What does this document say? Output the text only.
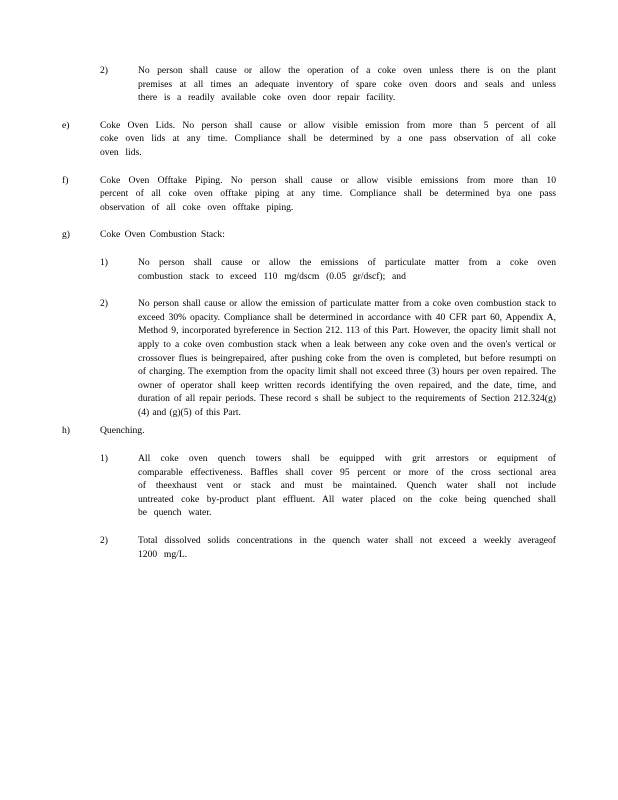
2)	No person shall cause or allow the operation of a coke oven unless there is on the plant premises at all times an adequate inventory of spare coke oven doors and seals and unless there is a readily available coke oven door repair facility.
e)	Coke Oven Lids. No person shall cause or allow visible emission from more than 5 percent of all coke oven lids at any time. Compliance shall be determined by a one pass observation of all coke oven lids.
f)	Coke Oven Offtake Piping. No person shall cause or allow visible emissions from more than 10 percent of all coke oven offtake piping at any time. Compliance shall be determined bya one pass observation of all coke oven offtake piping.
g)	Coke Oven Combustion Stack:
1)	No person shall cause or allow the emissions of particulate matter from a coke oven combustion stack to exceed 110 mg/dscm (0.05 gr/dscf); and
2)	No person shall cause or allow the emission of particulate matter from a coke oven combustion stack to exceed 30% opacity. Compliance shall be determined in accordance with 40 CFR part 60, Appendix A, Method 9, incorporated byreference in Section 212. 113 of this Part. However, the opacity limit shall not apply to a coke oven combustion stack when a leak between any coke oven and the oven's vertical or crossover flues is beingrepaired, after pushing coke from the oven is completed, but before resumpti on of charging. The exemption from the opacity limit shall not exceed three (3) hours per oven repaired. The owner of operator shall keep written records identifying the oven repaired, and the date, time, and duration of all repair periods. These record s shall be subject to the requirements of Section 212.324(g)(4) and (g)(5) of this Part.
h)	Quenching.
1)	All coke oven quench towers shall be equipped with grit arrestors or equipment of comparable effectiveness. Baffles shall cover 95 percent or more of the cross sectional area of theexhaust vent or stack and must be maintained. Quench water shall not include untreated coke by-product plant effluent. All water placed on the coke being quenched shall be quench water.
2)	Total dissolved solids concentrations in the quench water shall not exceed a weekly averageof 1200 mg/L.
